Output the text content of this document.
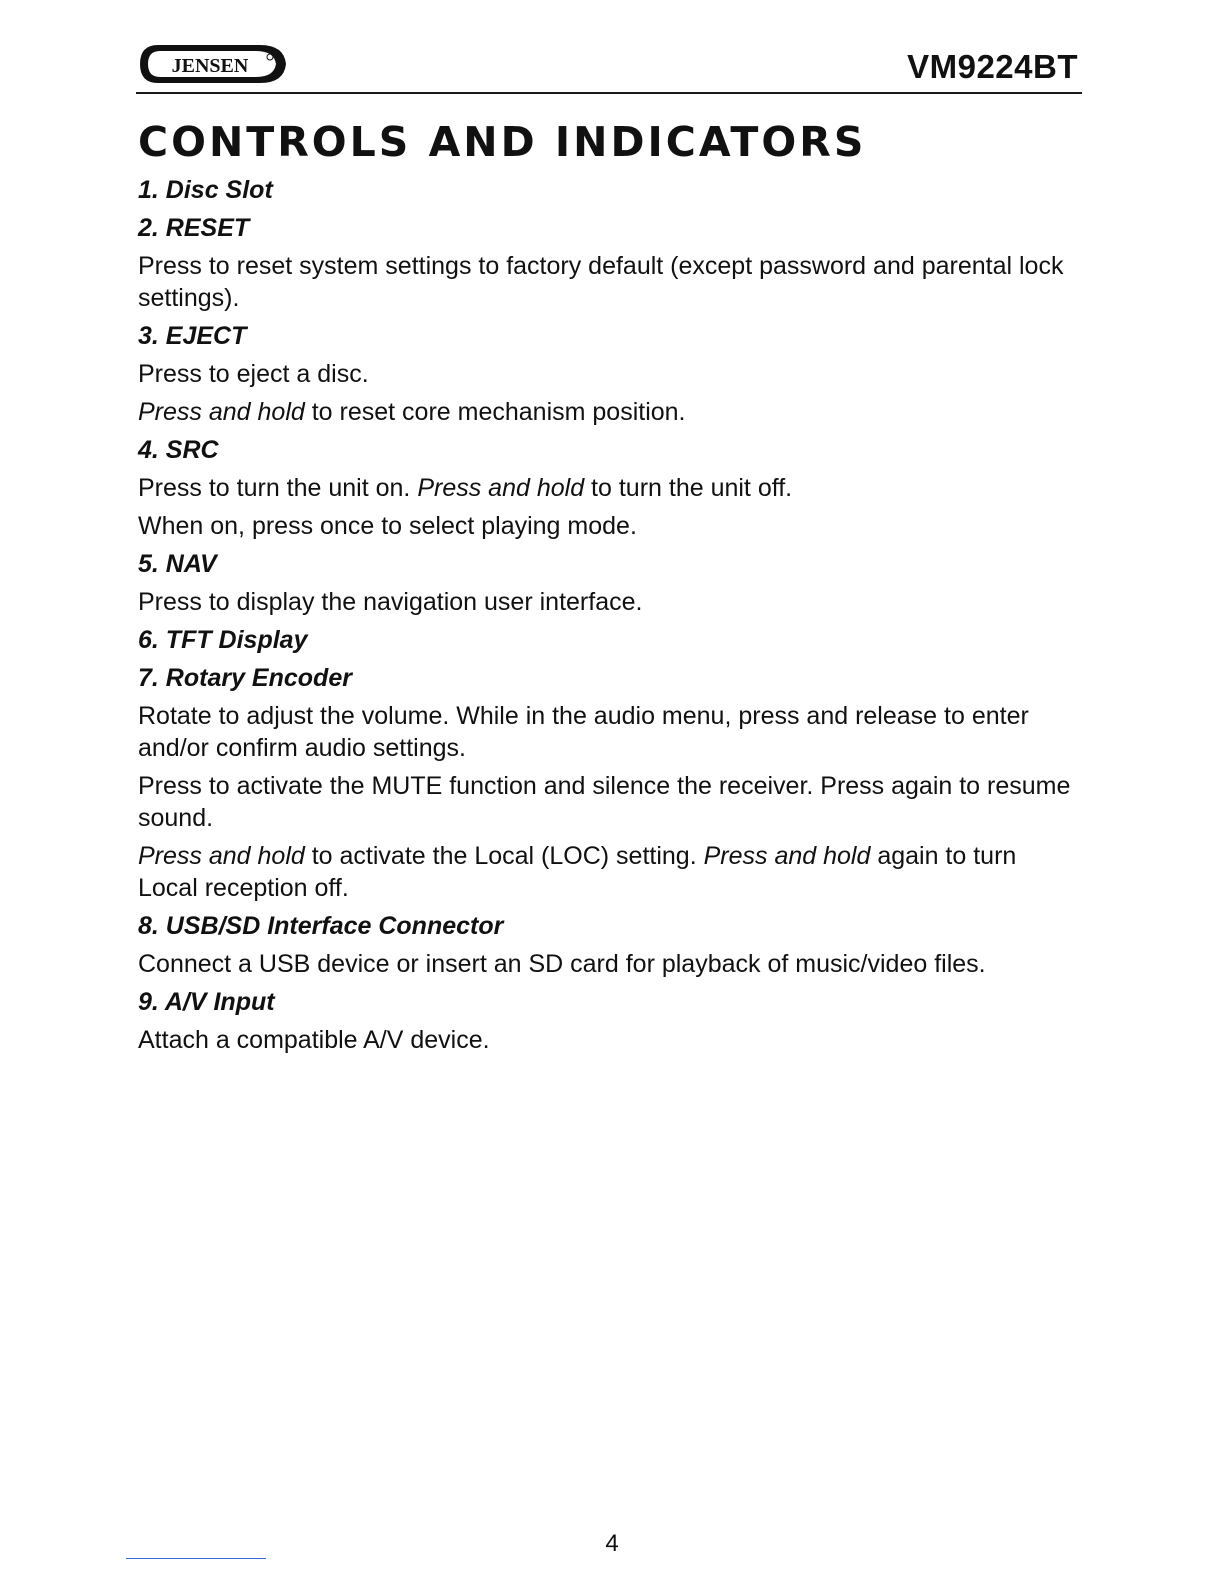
JENSEN	VM9224BT
CONTROLS AND INDICATORS
1. Disc Slot
2. RESET
Press to reset system settings to factory default (except password and parental lock settings).
3. EJECT
Press to eject a disc.
Press and hold to reset core mechanism position.
4. SRC
Press to turn the unit on. Press and hold to turn the unit off.
When on, press once to select playing mode.
5. NAV
Press to display the navigation user interface.
6. TFT Display
7. Rotary Encoder
Rotate to adjust the volume. While in the audio menu, press and release to enter and/or confirm audio settings.
Press to activate the MUTE function and silence the receiver. Press again to resume sound.
Press and hold to activate the Local (LOC) setting. Press and hold again to turn Local reception off.
8. USB/SD Interface Connector
Connect a USB device or insert an SD card for playback of music/video files.
9. A/V Input
Attach a compatible A/V device.
4
